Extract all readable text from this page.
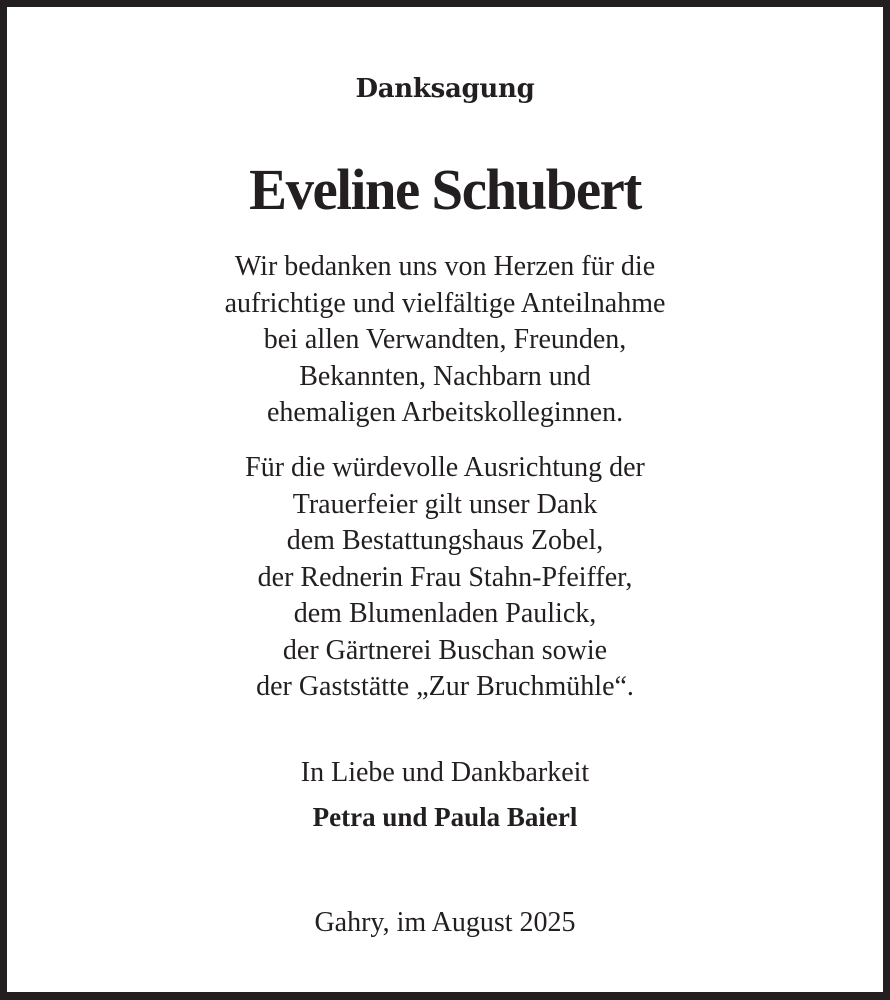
Danksagung
Eveline Schubert
Wir bedanken uns von Herzen für die
aufrichtige und vielfältige Anteilnahme
bei allen Verwandten, Freunden,
Bekannten, Nachbarn und
ehemaligen Arbeitskolleginnen.
Für die würdevolle Ausrichtung der
Trauerfeier gilt unser Dank
dem Bestattungshaus Zobel,
der Rednerin Frau Stahn-Pfeiffer,
dem Blumenladen Paulick,
der Gärtnerei Buschan sowie
der Gaststätte „Zur Bruchmühle“.
In Liebe und Dankbarkeit
Petra und Paula Baierl
Gahry, im August 2025
